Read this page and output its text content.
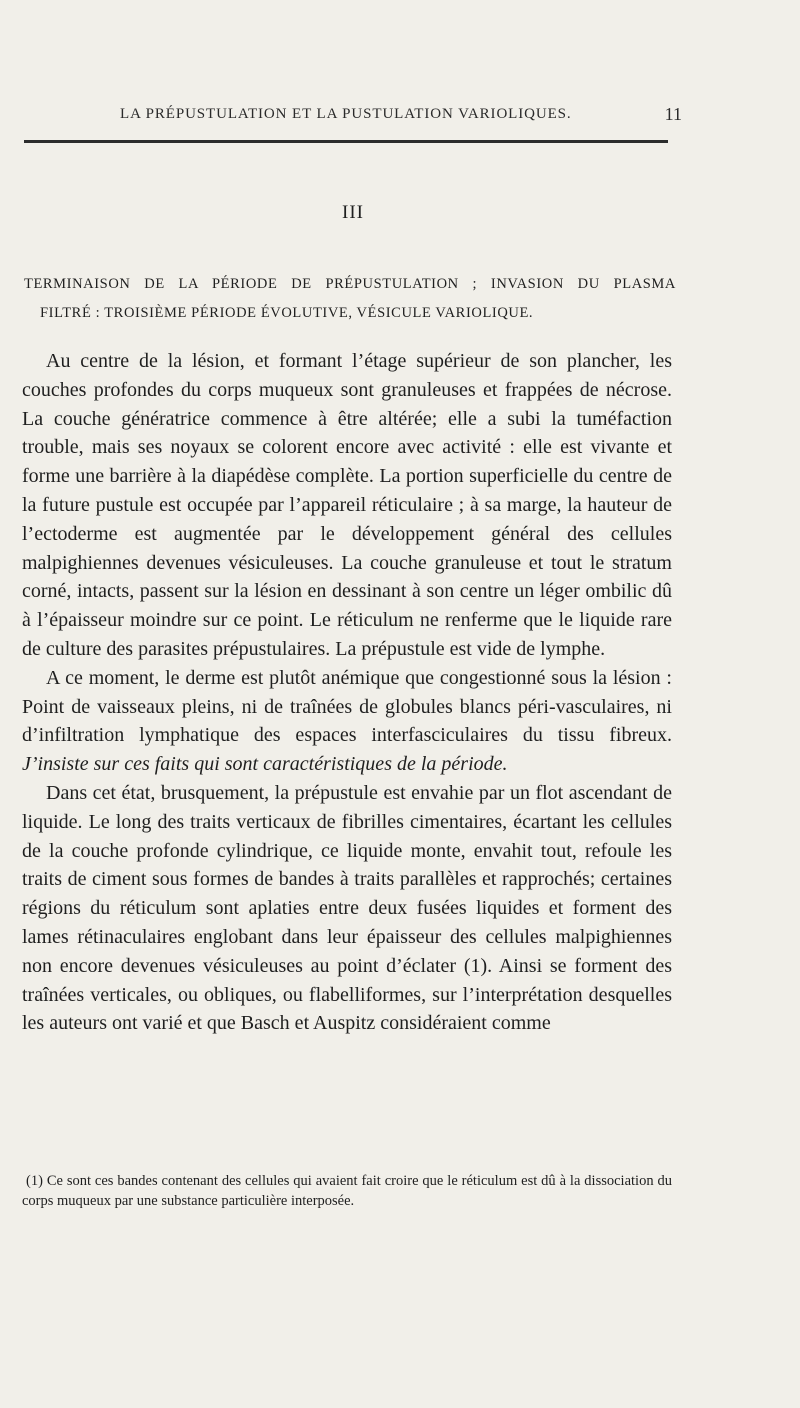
LA PRÉPUSTULATION ET LA PUSTULATION VARIOLIQUES.	11
III
TERMINAISON DE LA PÉRIODE DE PRÉPUSTULATION ; INVASION DU PLASMA
FILTRÉ : TROISIÈME PÉRIODE ÉVOLUTIVE, VÉSICULE VARIOLIQUE.

Au centre de la lésion, et formant l’étage supérieur de son plancher, les couches profondes du corps muqueux sont granuleuses et frappées de nécrose. La couche génératrice commence à être altérée; elle a subi la tuméfaction trouble, mais ses noyaux se colorent encore avec activité : elle est vivante et forme une barrière à la diapédèse complète. La portion superficielle du centre de la future pustule est occupée par l’appareil réticulaire ; à sa marge, la hauteur de l’ectoderme est augmentée par le développement général des cellules malpighiennes devenues vésiculeuses. La couche granuleuse et tout le stratum corné, intacts, passent sur la lésion en dessinant à son centre un léger ombilic dû à l’épaisseur moindre sur ce point. Le réticulum ne renferme que le liquide rare de culture des parasites prépustulaires. La prépustule est vide de lymphe.

A ce moment, le derme est plutôt anémique que congestionné sous la lésion : Point de vaisseaux pleins, ni de traînées de globules blancs péri-vasculaires, ni d’infiltration lymphatique des espaces interfasciculaires du tissu fibreux. J’insiste sur ces faits qui sont caractéristiques de la période.

Dans cet état, brusquement, la prépustule est envahie par un flot ascendant de liquide. Le long des traits verticaux de fibrilles cimentaires, écartant les cellules de la couche profonde cylindrique, ce liquide monte, envahit tout, refoule les traits de ciment sous formes de bandes à traits parallèles et rapprochés; certaines régions du réticulum sont aplaties entre deux fusées liquides et forment des lames rétinaculaires englobant dans leur épaisseur des cellules malpighiennes non encore devenues vésiculeuses au point d’éclater (1). Ainsi se forment des traînées verticales, ou obliques, ou flabelliformes, sur l’interprétation desquelles les auteurs ont varié et que Basch et Auspitz considéraient comme

(1) Ce sont ces bandes contenant des cellules qui avaient fait croire que le réticulum est dû à la dissociation du corps muqueux par une substance particulière interposée.
